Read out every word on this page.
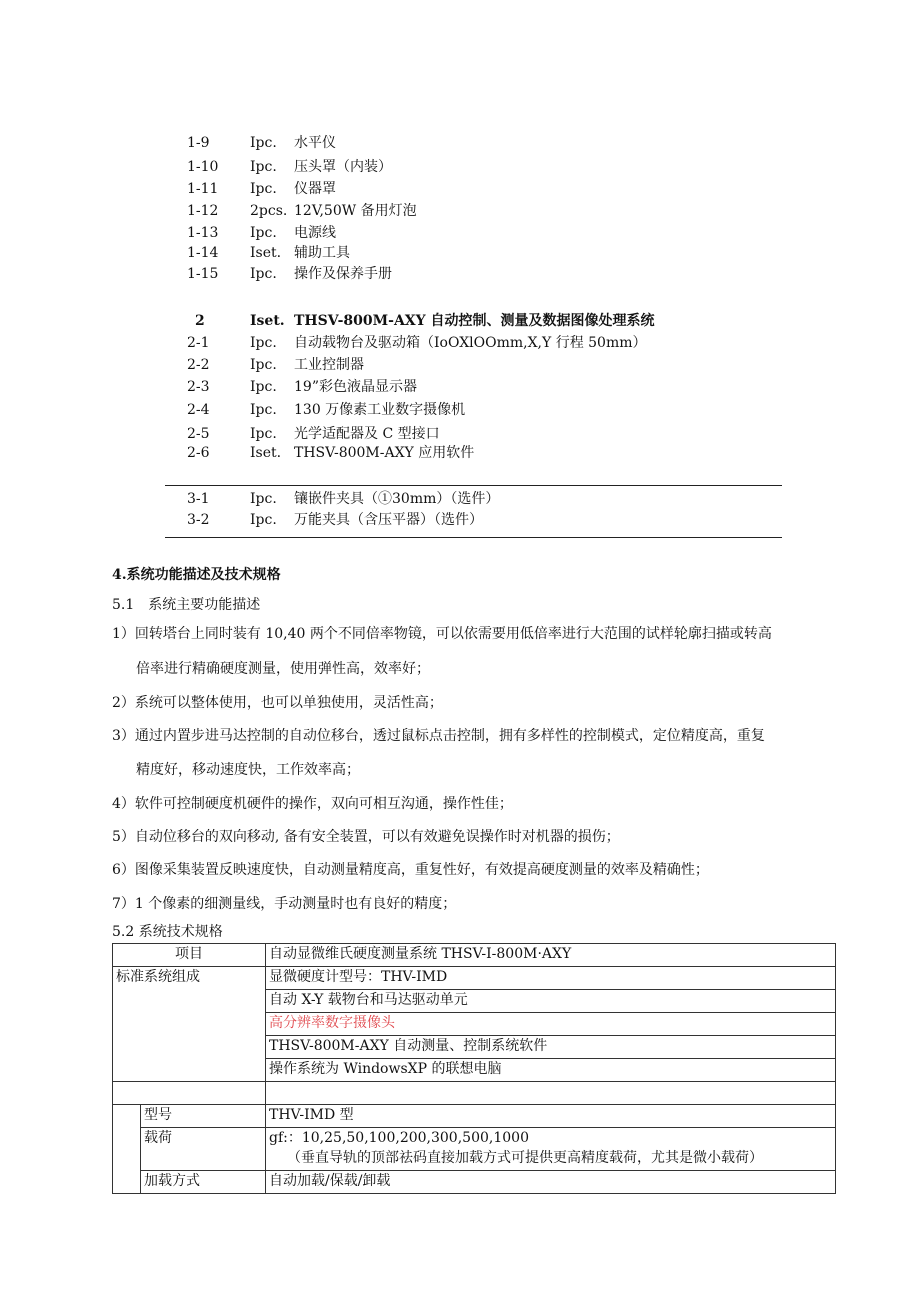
1-9	Ipc. 水平仪
1-10	Ipc. 压头罩（内装）
1-11	Ipc. 仪器罩
1-12	2pcs. 12V,50W 备用灯泡
1-13	Ipc. 电源线
1-14	Iset. 辅助工具
1-15	Ipc. 操作及保养手册
2	Iset. THSV-800M-AXY 自动控制、测量及数据图像处理系统
2-1	Ipc. 自动载物台及驱动箱（IoOXlOOmm,X,Y 行程 50mm）
2-2	Ipc. 工业控制器
2-3	Ipc. 19”彩色液晶显示器
2-4	Ipc. 130 万像素工业数字摄像机
2-5	Ipc. 光学适配器及 C 型接口
2-6	Iset. THSV-800M-AXY 应用软件
3-1	Ipc. 镶嵌件夹具（①30mm）（选件）
3-2	Ipc. 万能夹具（含压平器）（选件）
4.系统功能描述及技术规格
5.1　系统主要功能描述
1）回转塔台上同时装有 10,40 两个不同倍率物镜，可以依需要用低倍率进行大范围的试样轮廓扫描或转高
倍率进行精确硬度测量，使用弹性高，效率好；
2）系统可以整体使用，也可以单独使用，灵活性高；
3）通过内置步进马达控制的自动位移台，透过鼠标点击控制，拥有多样性的控制模式，定位精度高，重复
精度好，移动速度快，工作效率高；
4）软件可控制硬度机硬件的操作，双向可相互沟通，操作性佳；
5）自动位移台的双向移动, 备有安全装置，可以有效避免误操作时对机器的损伤；
6）图像采集装置反映速度快，自动测量精度高，重复性好，有效提高硬度测量的效率及精确性；
7）1 个像素的细测量线，手动测量时也有良好的精度；
5.2 系统技术规格
项目		自动显微维氏硬度测量系统 THSV-I-800M·AXY
标准系统组成		显微硬度计型号：THV-IMD
		自动 X-Y 载物台和马达驱动单元
		高分辨率数字摄像头
		THSV-800M-AXY 自动测量、控制系统软件
		操作系统为 WindowsXP 的联想电脑

	型号	THV-IMD 型
	载荷	gf:：10,25,50,100,200,300,500,1000
（垂直导轨的顶部祛码直接加载方式可提供更高精度载荷，尤其是微小载荷）

	加载方式	自动加载/保载/卸载
